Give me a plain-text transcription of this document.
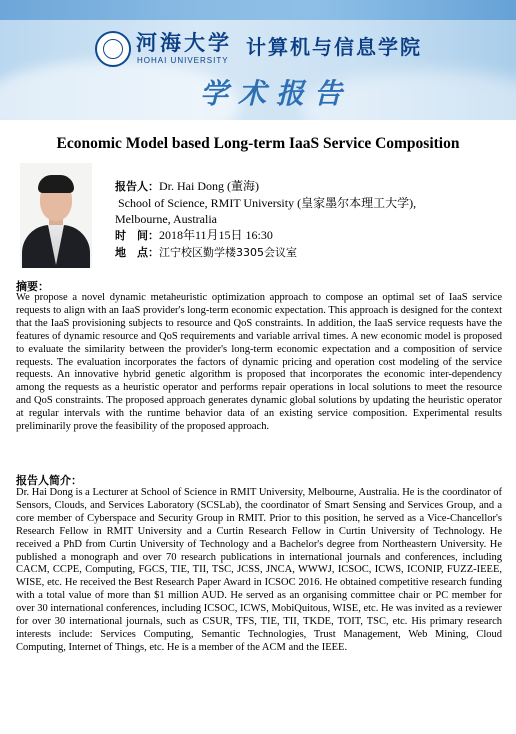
河海大学
HOHAI UNIVERSITY
计算机与信息学院
学术报告
Economic Model based Long-term IaaS Service Composition
报告人：Dr. Hai Dong (董海)
School of Science, RMIT University (皇家墨尔本理工大学),
Melbourne, Australia
时　间：2018年11月15日 16:30
地　点：江宁校区勤学楼3305会议室
摘要：
We propose a novel dynamic metaheuristic optimization approach to compose an optimal set of IaaS service requests to align with an IaaS provider's long-term economic expectation. This approach is designed for the context that the IaaS provisioning subjects to resource and QoS constraints. In addition, the IaaS service requests have the features of dynamic resource and QoS requirements and variable arrival times. A new economic model is proposed to evaluate the similarity between the provider's long-term economic expectation and a composition of service requests. The evaluation incorporates the factors of dynamic pricing and operation cost modeling of the service requests. An innovative hybrid genetic algorithm is proposed that incorporates the economic inter-dependency among the requests as a heuristic operator and performs repair operations in local solutions to meet the resource and QoS constraints. The proposed approach generates dynamic global solutions by updating the heuristic operator at regular intervals with the runtime behavior data of an existing service composition. Experimental results preliminarily prove the feasibility of the proposed approach.
报告人简介：
Dr. Hai Dong is a Lecturer at School of Science in RMIT University, Melbourne, Australia. He is the coordinator of Sensors, Clouds, and Services Laboratory (SCSLab), the coordinator of Smart Sensing and Services Group, and a core member of Cyberspace and Security Group in RMIT. Prior to this position, he served as a Vice-Chancellor's Research Fellow in RMIT University and a Curtin Research Fellow in Curtin University of Technology. He received a PhD from Curtin University of Technology and a Bachelor's degree from Northeastern University. He published a monograph and over 70 research publications in international journals and conferences, including CACM, CCPE, Computing, FGCS, TIE, TII, TSC, JCSS, JNCA, WWWJ, ICSOC, ICWS, ICONIP, FUZZ-IEEE, WISE, etc. He received the Best Research Paper Award in ICSOC 2016. He obtained competitive research funding with a total value of more than $1 million AUD. He served as an organising committee chair or PC member for over 30 international conferences, including ICSOC, ICWS, MobiQuitous, WISE, etc. He was invited as a reviewer for over 30 international journals, such as CSUR, TFS, TIE, TII, TKDE, TOIT, TSC, etc. His primary research interests include: Services Computing, Semantic Technologies, Trust Management, Web Mining, Cloud Computing, Internet of Things, etc. He is a member of the ACM and the IEEE.
